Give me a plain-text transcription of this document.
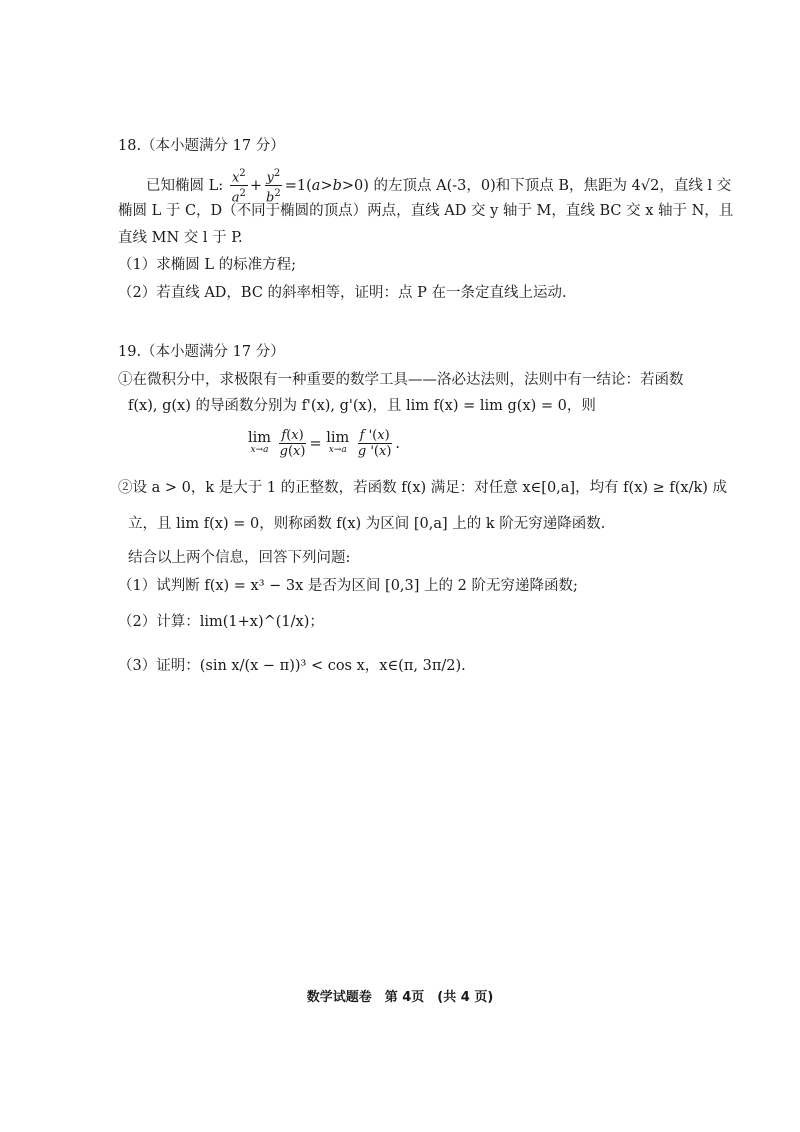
18.（本小题满分 17 分）
已知椭圆 L: $\frac{x^2}{a^2} + \frac{y^2}{b^2} =1(a>b>0)$ 的左顶点 A(-3，0)和下顶点 B，焦距为 4√2，直线 l 交
椭圆 L 于 C，D（不同于椭圆的顶点）两点，直线 AD 交 y 轴于 M，直线 BC 交 x 轴于 N，且
直线 MN 交 l 于 P.
（1）求椭圆 L 的标准方程;
（2）若直线 AD，BC 的斜率相等，证明：点 P 在一条定直线上运动.
19.（本小题满分 17 分）
①在微积分中，求极限有一种重要的数学工具——洛必达法则，法则中有一结论：若函数
f(x), g(x) 的导函数分别为 f'(x), g'(x)，且 lim f(x) = lim g(x) = 0，则
lim
x→a
$\frac{f(x)}{g(x)} = \lim$
x→a
$\frac{f '(x)}{g '(x)}$ .
②设 a > 0，k 是大于 1 的正整数，若函数 f(x) 满足：对任意 x∈[0,a]，均有 f(x) ≥ f(x/k) 成
立，且 lim f(x) = 0，则称函数 f(x) 为区间 [0,a] 上的 k 阶无穷递降函数.
结合以上两个信息，回答下列问题:
（1）试判断 f(x) = x³ − 3x 是否为区间 [0,3] 上的 2 阶无穷递降函数;
（2）计算：lim(1+x)^(1/x)；
（3）证明：(sin x/(x − π))³ < cos x，x∈(π, 3π/2).
数学试题卷　第 4页　(共 4 页)
